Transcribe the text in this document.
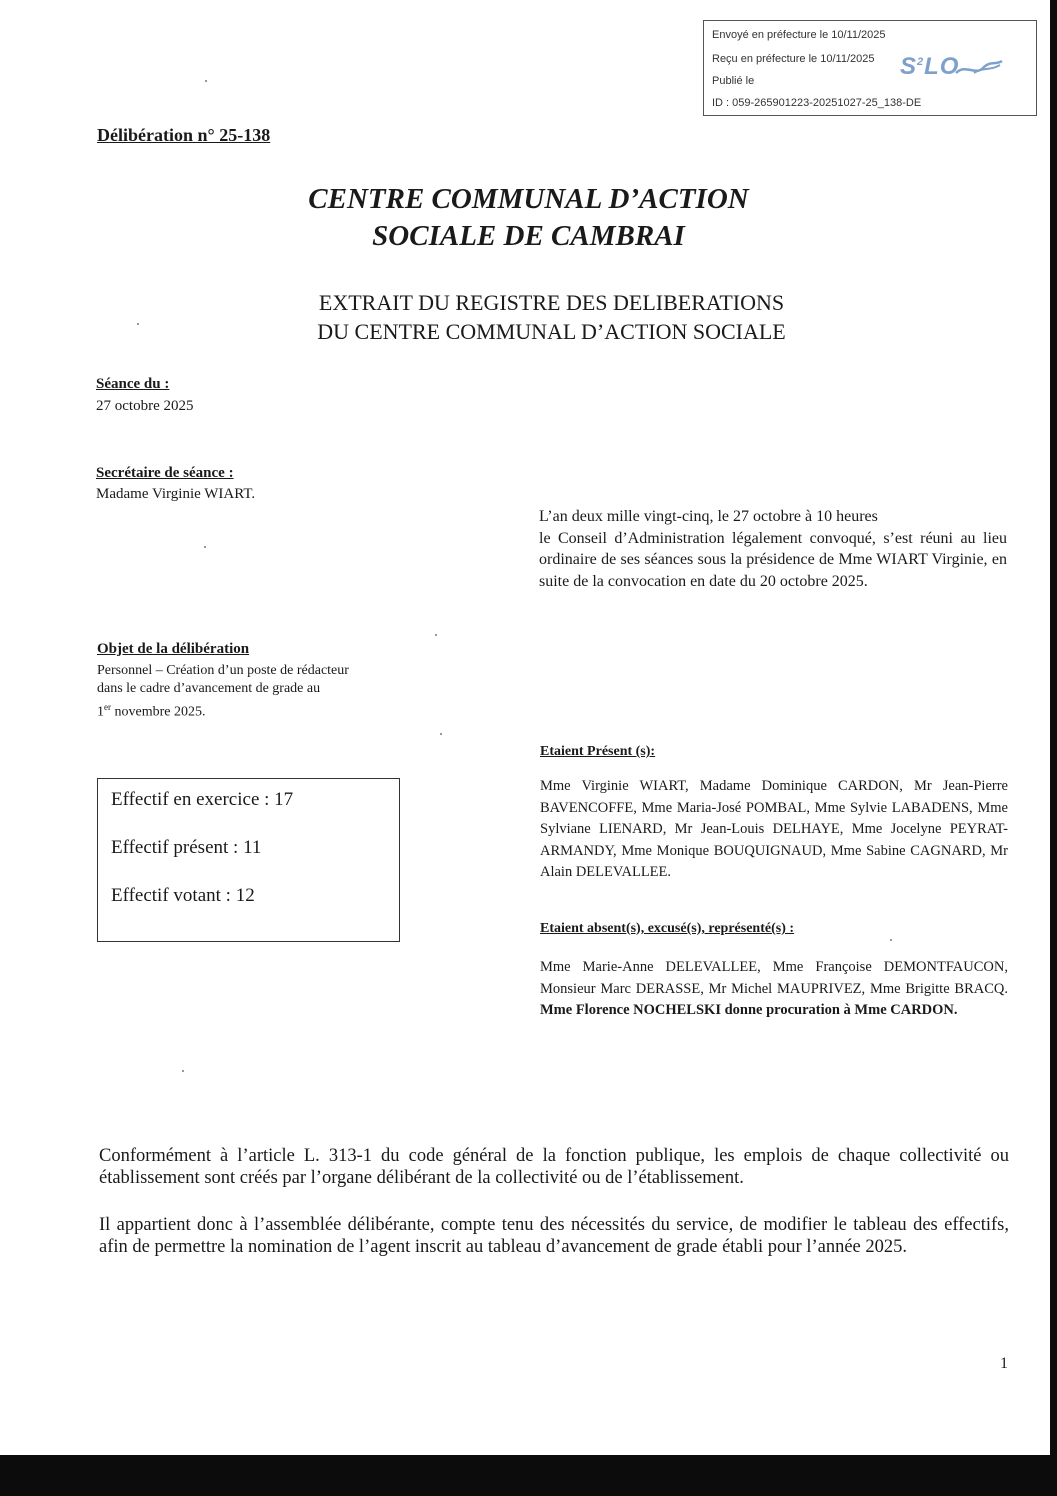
Envoyé en préfecture le 10/11/2025
Reçu en préfecture le 10/11/2025
Publié le
ID : 059-265901223-20251027-25_138-DE
$S^2LO$
Délibération n° 25-138
CENTRE COMMUNAL D’ACTION
SOCIALE DE CAMBRAI
EXTRAIT DU REGISTRE DES DELIBERATIONS
DU CENTRE COMMUNAL D’ACTION SOCIALE
Séance du :
27 octobre 2025
Secrétaire de séance :
Madame Virginie WIART.
L’an deux mille vingt-cinq, le 27 octobre à 10 heures
le Conseil d’Administration légalement convoqué, s’est réuni au lieu ordinaire de ses séances sous la présidence de Mme WIART Virginie, en suite de la convocation en date du 20 octobre 2025.
Objet de la délibération
Personnel – Création d’un poste de rédacteur
dans le cadre d’avancement de grade au
1er novembre 2025.
Effectif en exercice : 17
Effectif présent : 11
Effectif votant : 12
Etaient Présent (s):
Mme Virginie WIART, Madame Dominique CARDON, Mr Jean-Pierre BAVENCOFFE, Mme Maria-José POMBAL, Mme Sylvie LABADENS, Mme Sylviane LIENARD, Mr Jean-Louis DELHAYE, Mme Jocelyne PEYRAT-ARMANDY, Mme Monique BOUQUIGNAUD, Mme Sabine CAGNARD, Mr Alain DELEVALLEE.
Etaient absent(s), excusé(s), représenté(s) :
Mme Marie-Anne DELEVALLEE, Mme Françoise DEMONTFAUCON, Monsieur Marc DERASSE, Mr Michel MAUPRIVEZ, Mme Brigitte BRACQ. Mme Florence NOCHELSKI donne procuration à Mme CARDON.
Conformément à l’article L. 313-1 du code général de la fonction publique, les emplois de chaque collectivité ou établissement sont créés par l’organe délibérant de la collectivité ou de l’établissement.
Il appartient donc à l’assemblée délibérante, compte tenu des nécessités du service, de modifier le tableau des effectifs, afin de permettre la nomination de l’agent inscrit au tableau d’avancement de grade établi pour l’année 2025.
1
